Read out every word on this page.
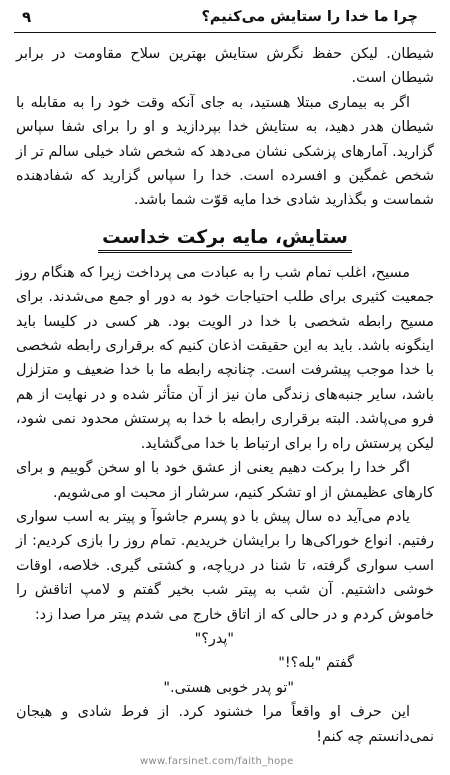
چرا ما خدا را ستایش می‌کنیم؟
۹

شیطان. لیکن حفظ نگرش ستایش بهترین سلاح مقاومت در برابر شیطان است.

اگر به بیماری مبتلا هستید، به جای آنکه وقت خود را به مقابله با شیطان هدر دهید، به ستایش خدا بپردازید و او را برای شفا سپاس گزارید. آمارهای پزشکی نشان می‌دهد که شخص شاد خیلی سالم تر از شخص غمگین و افسرده است. خدا را سپاس گزارید که شفادهنده شماست و بگذارید شادی خدا مایه قوّت شما باشد.

ستایش، مایه برکت خداست

مسیح، اغلب تمام شب را به عبادت می پرداخت زیرا که هنگام روز جمعیت کثیری برای طلب احتیاجات خود به دور او جمع می‌شدند. برای مسیح رابطه شخصی با خدا در الویت بود. هر کسی در کلیسا باید اینگونه باشد. باید به این حقیقت اذعان کنیم که برقراری رابطه شخصی با خدا موجب پیشرفت است. چنانچه رابطه ما با خدا ضعیف و متزلزل باشد، سایر جنبه‌های زندگی مان نیز از آن متأثر شده و در نهایت از هم فرو می‌پاشد. البته برقراری رابطه با خدا به پرستش محدود نمی شود، لیکن پرستش راه را برای ارتباط با خدا می‌گشاید.

اگر خدا را برکت دهیم یعنی از عشق خود با او سخن گوییم و برای کارهای عظیمش از او تشکر کنیم، سرشار از محبت او می‌شویم.

یادم می‌آید ده سال پیش با دو پسرم جاشوآ و پیتر به اسب سواری رفتیم. انواع خوراکی‌ها را برایشان خریدیم. تمام روز را بازی کردیم: از اسب سواری گرفته، تا شنا در دریاچه، و کشتی گیری. خلاصه، اوقات خوشی داشتیم. آن شب به پیتر شب بخیر گفتم و لامپ اتاقش را خاموش کردم و در حالی که از اتاق خارج می شدم پیتر مرا صدا زد:

"پدر؟"

گفتم "بله؟!"

"تو پدر خوبی هستی."

این حرف او واقعاً مرا خشنود کرد. از فرط شادی و هیجان نمی‌دانستم چه کنم!

www.farsinet.com/faith_hope
